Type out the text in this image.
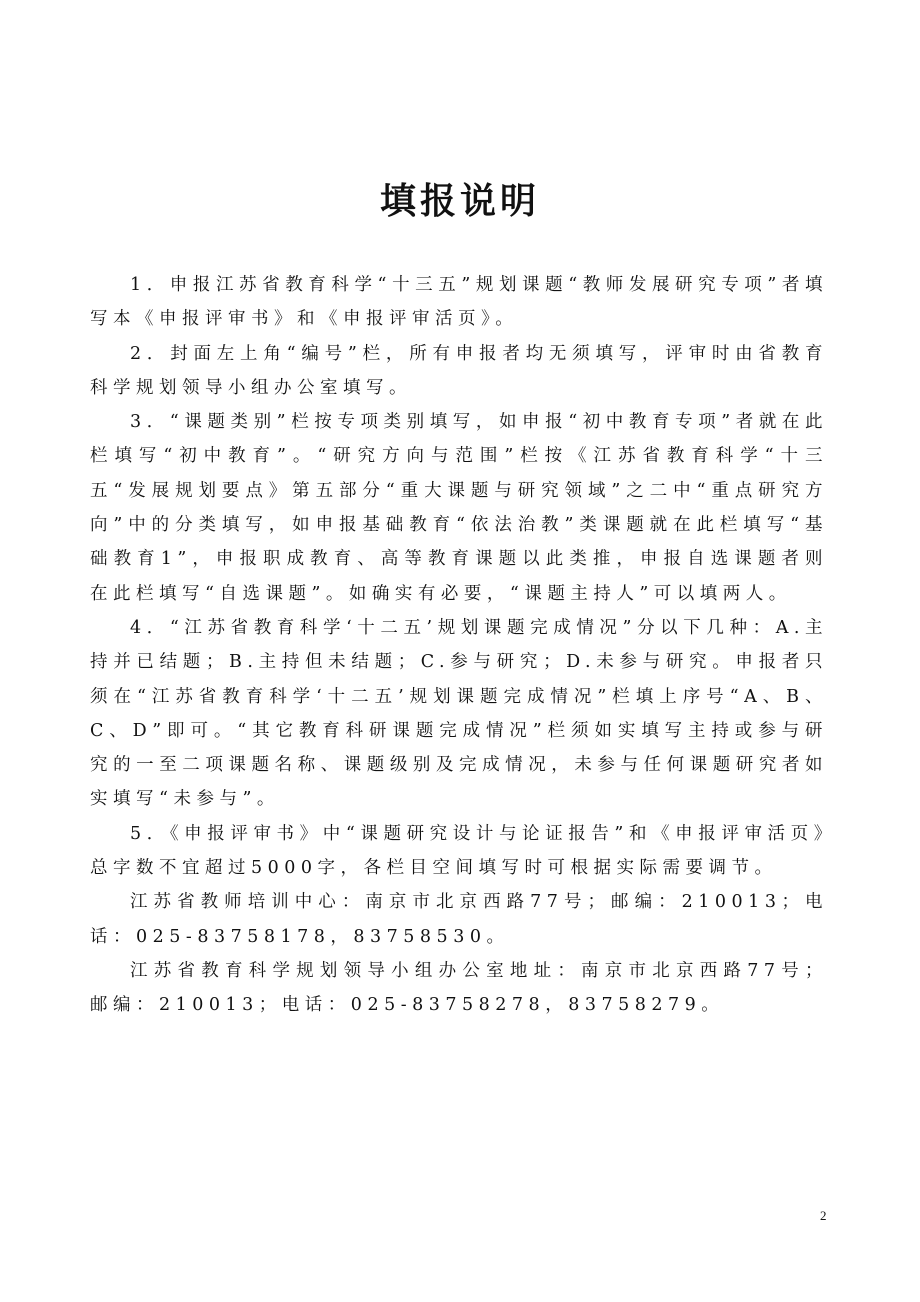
填报说明

1．申报江苏省教育科学“十三五”规划课题“教师发展研究专项”者填写本《申报评审书》和《申报评审活页》。

2．封面左上角“编号”栏，所有申报者均无须填写，评审时由省教育科学规划领导小组办公室填写。

3．“课题类别”栏按专项类别填写，如申报“初中教育专项”者就在此栏填写“初中教育”。“研究方向与范围”栏按《江苏省教育科学“十三五“发展规划要点》第五部分“重大课题与研究领域”之二中“重点研究方向”中的分类填写，如申报基础教育“依法治教”类课题就在此栏填写“基础教育1”，申报职成教育、高等教育课题以此类推，申报自选课题者则在此栏填写“自选课题”。如确实有必要，“课题主持人”可以填两人。

4．“江苏省教育科学‘十二五’规划课题完成情况”分以下几种：A.主持并已结题；B.主持但未结题；C.参与研究；D.未参与研究。申报者只须在“江苏省教育科学‘十二五’规划课题完成情况”栏填上序号“A、B、C、D”即可。“其它教育科研课题完成情况”栏须如实填写主持或参与研究的一至二项课题名称、课题级别及完成情况，未参与任何课题研究者如实填写“未参与”。

5．《申报评审书》中“课题研究设计与论证报告”和《申报评审活页》总字数不宜超过5000字，各栏目空间填写时可根据实际需要调节。

江苏省教师培训中心：南京市北京西路77号；邮编：210013；电话：025-83758178，83758530。

江苏省教育科学规划领导小组办公室地址：南京市北京西路77号；邮编：210013；电话：025-83758278，83758279。

2
